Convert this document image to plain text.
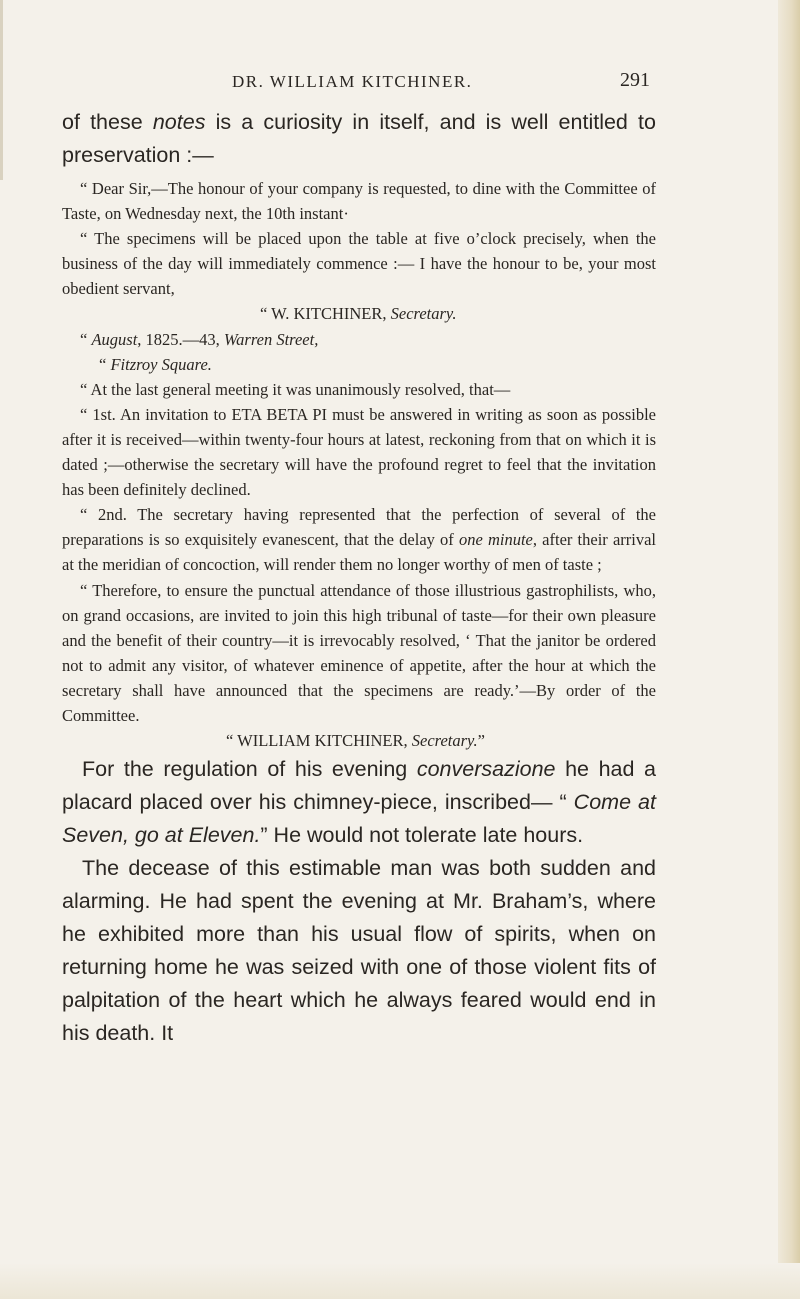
DR. WILLIAM KITCHINER.	291

of these notes is a curiosity in itself, and is well entitled to preservation :—

“ Dear Sir,—The honour of your company is requested, to dine with the Committee of Taste, on Wednesday next, the 10th instant·

“ The specimens will be placed upon the table at five o’clock precisely, when the business of the day will immediately commence :— I have the honour to be, your most obedient servant,

“ W. KITCHINER, Secretary.

“ August, 1825.—43, Warren Street,

“ Fitzroy Square.

“ At the last general meeting it was unanimously resolved, that—

“ 1st. An invitation to ETA BETA PI must be answered in writing as soon as possible after it is received—within twenty-four hours at latest, reckoning from that on which it is dated ;—otherwise the secretary will have the profound regret to feel that the invitation has been definitely declined.

“ 2nd. The secretary having represented that the perfection of several of the preparations is so exquisitely evanescent, that the delay of one minute, after their arrival at the meridian of concoction, will render them no longer worthy of men of taste ;

“ Therefore, to ensure the punctual attendance of those illustrious gastrophilists, who, on grand occasions, are invited to join this high tribunal of taste—for their own pleasure and the benefit of their country—it is irrevocably resolved, ‘ That the janitor be ordered not to admit any visitor, of whatever eminence of appetite, after the hour at which the secretary shall have announced that the specimens are ready.’—By order of the Committee.

“ WILLIAM KITCHINER, Secretary.”

For the regulation of his evening conversazione he had a placard placed over his chimney-piece, inscribed— “ Come at Seven, go at Eleven.” He would not tolerate late hours.

The decease of this estimable man was both sudden and alarming. He had spent the evening at Mr. Braham’s, where he exhibited more than his usual flow of spirits, when on returning home he was seized with one of those violent fits of palpitation of the heart which he always feared would end in his death. It
